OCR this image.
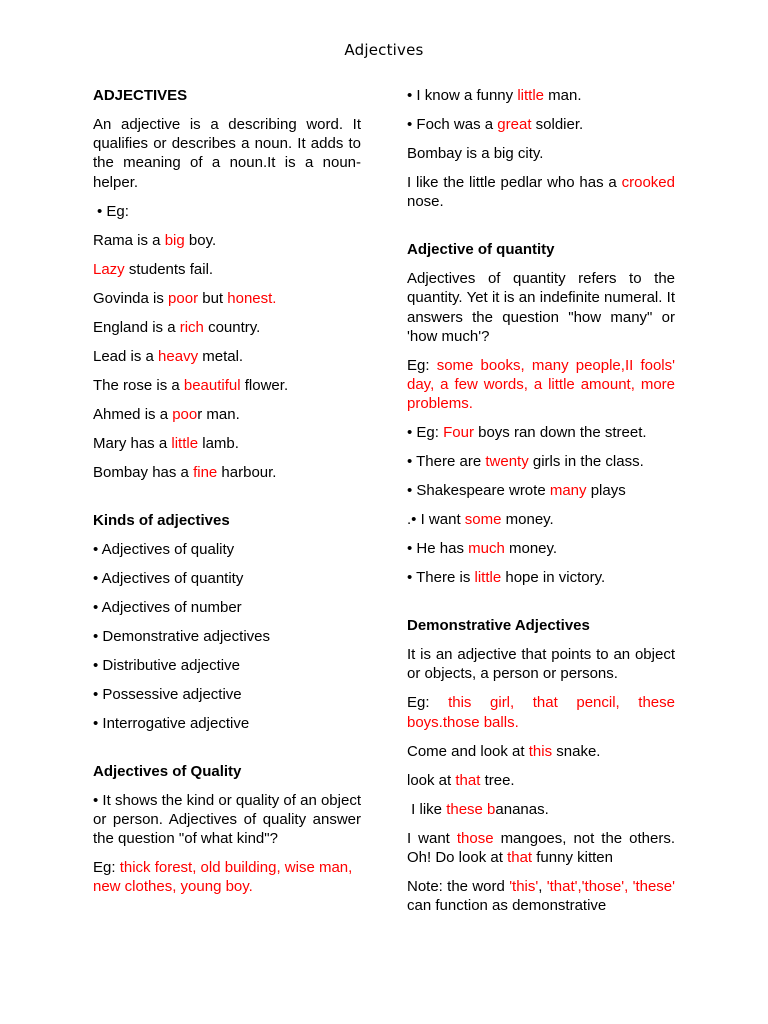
Adjectives
ADJECTIVES
An adjective is a describing word. It qualifies or describes a noun. It adds to the meaning of a noun.It is a noun-helper.
• Eg:
Rama is a big boy.
Lazy students fail.
Govinda is poor but honest.
England is a rich country.
Lead is a heavy metal.
The rose is a beautiful flower.
Ahmed is a poor man.
Mary has a little lamb.
Bombay has a fine harbour.
Kinds of adjectives
• Adjectives of quality
• Adjectives of quantity
• Adjectives of number
• Demonstrative adjectives
• Distributive adjective
• Possessive adjective
• Interrogative adjective
Adjectives of Quality
• It shows the kind or quality of an object or person. Adjectives of quality answer the question "of what kind"?
Eg: thick forest, old building, wise man, new clothes, young boy.
• I know a funny little man.
• Foch was a great soldier.
Bombay is a big city.
I like the little pedlar who has a crooked nose.
Adjective of quantity
Adjectives of quantity refers to the quantity. Yet it is an indefinite numeral. It answers the question "how many" or 'how much'?
Eg: some books, many people,II fools' day, a few words, a little amount, more problems.
• Eg: Four boys ran down the street.
• There are twenty girls in the class.
• Shakespeare wrote many plays
.• I want some money.
• He has much money.
• There is little hope in victory.
Demonstrative Adjectives
It is an adjective that points to an object or objects, a person or persons.
Eg: this girl, that pencil, these boys.those balls.
Come and look at this snake.
look at that tree.
I like these bananas.
I want those mangoes, not the others. Oh! Do look at that funny kitten
Note: the word 'this', 'that','those', 'these' can function as demonstrative
